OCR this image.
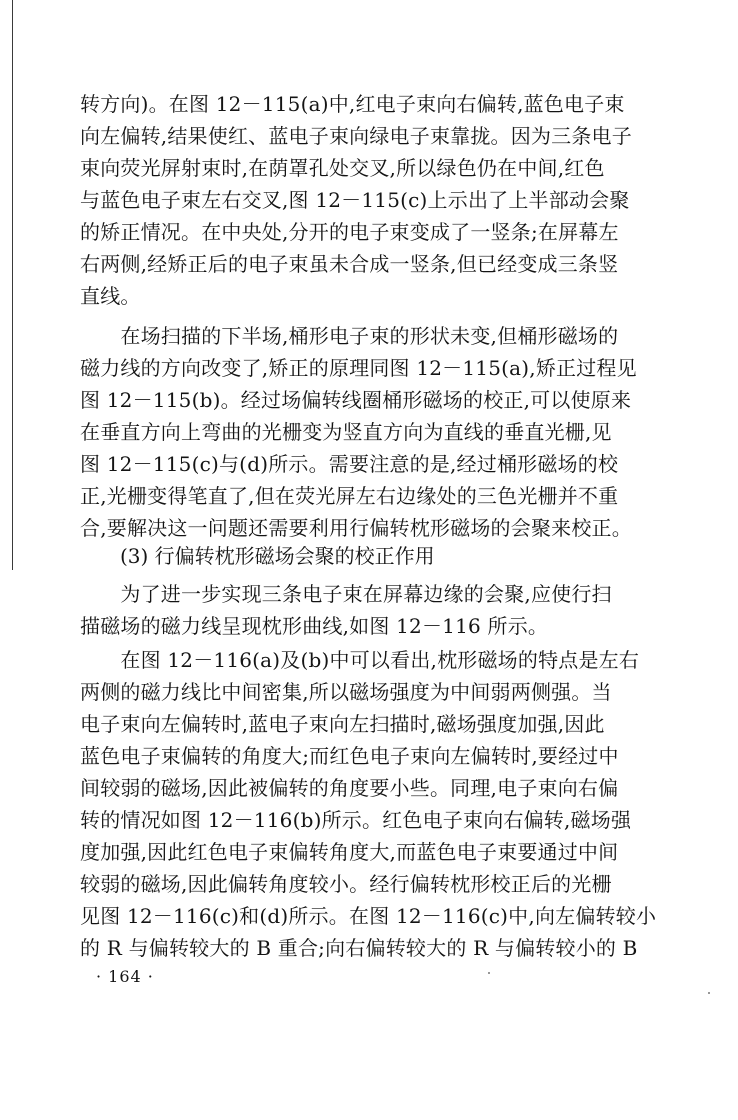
转方向)。在图 12－115(a)中,红电子束向右偏转,蓝色电子束
向左偏转,结果使红、蓝电子束向绿电子束靠拢。因为三条电子
束向荧光屏射束时,在荫罩孔处交叉,所以绿色仍在中间,红色
与蓝色电子束左右交叉,图 12－115(c)上示出了上半部动会聚
的矫正情况。在中央处,分开的电子束变成了一竖条;在屏幕左
右两侧,经矫正后的电子束虽未合成一竖条,但已经变成三条竖
直线。
　　在场扫描的下半场,桶形电子束的形状未变,但桶形磁场的
磁力线的方向改变了,矫正的原理同图 12－115(a),矫正过程见
图 12－115(b)。经过场偏转线圈桶形磁场的校正,可以使原来
在垂直方向上弯曲的光栅变为竖直方向为直线的垂直光栅,见
图 12－115(c)与(d)所示。需要注意的是,经过桶形磁场的校
正,光栅变得笔直了,但在荧光屏左右边缘处的三色光栅并不重
合,要解决这一问题还需要利用行偏转枕形磁场的会聚来校正。
　　(3) 行偏转枕形磁场会聚的校正作用
　　为了进一步实现三条电子束在屏幕边缘的会聚,应使行扫
描磁场的磁力线呈现枕形曲线,如图 12－116 所示。
　　在图 12－116(a)及(b)中可以看出,枕形磁场的特点是左右
两侧的磁力线比中间密集,所以磁场强度为中间弱两侧强。当
电子束向左偏转时,蓝电子束向左扫描时,磁场强度加强,因此
蓝色电子束偏转的角度大;而红色电子束向左偏转时,要经过中
间较弱的磁场,因此被偏转的角度要小些。同理,电子束向右偏
转的情况如图 12－116(b)所示。红色电子束向右偏转,磁场强
度加强,因此红色电子束偏转角度大,而蓝色电子束要通过中间
较弱的磁场,因此偏转角度较小。经行偏转枕形校正后的光栅
见图 12－116(c)和(d)所示。在图 12－116(c)中,向左偏转较小
的 R 与偏转较大的 B 重合;向右偏转较大的 R 与偏转较小的 B
· 164 ·
